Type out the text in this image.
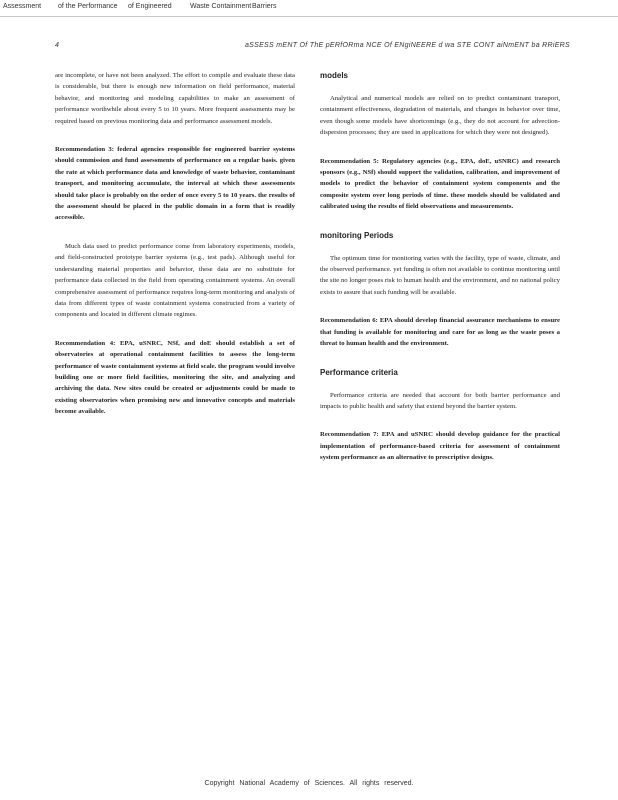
Assessment of the Performance of Engineered	Waste Containment Barriers
4	aSSESS mENT Of ThE pERfORma NCE Of ENgiNEERE d wa STE CONT aiNmENT ba RRiERS

are incomplete, or have not been analyzed. The effort to compile and evaluate these data is considerable, but there is enough new information on field performance, material behavior, and monitoring and modeling capabilities to make an assessment of performance worthwhile about every 5 to 10 years. More frequent assessments may be required based on previous monitoring data and performance assessment models.

Recommendation 3: federal agencies responsible for engineered barrier systems should commission and fund assessments of performance on a regular basis. given the rate at which performance data and knowledge of waste behavior, contaminant transport, and monitoring accumulate, the interval at which these assessments should take place is probably on the order of once every 5 to 10 years. the results of the assessment should be placed in the public domain in a form that is readily accessible.

Much data used to predict performance come from laboratory experiments, models, and field-constructed prototype barrier systems (e.g., test pads). Although useful for understanding material properties and behavior, these data are no substitute for performance data collected in the field from operating containment systems. An overall comprehensive assessment of performance requires long-term monitoring and analysis of data from different types of waste containment systems constructed from a variety of components and located in different climate regimes.

Recommendation 4: EPA, uSNRC, NSf, and doE should establish a set of observatories at operational containment facilities to assess the long-term performance of waste containment systems at field scale. the program would involve building one or more field facilities, monitoring the site, and analyzing and archiving the data. New sites could be created or adjustments could be made to existing observatories when promising new and innovative concepts and materials become available.

models

Analytical and numerical models are relied on to predict contaminant transport, containment effectiveness, degradation of materials, and changes in behavior over time, even though some models have shortcomings (e.g., they do not account for advection-dispersion processes; they are used in applications for which they were not designed).

Recommendation 5: Regulatory agencies (e.g., EPA, doE, uSNRC) and research sponsors (e.g., NSf) should support the validation, calibration, and improvement of models to predict the behavior of containment system components and the composite system over long periods of time. these models should be validated and calibrated using the results of field observations and measurements.

monitoring Periods

The optimum time for monitoring varies with the facility, type of waste, climate, and the observed performance. yet funding is often not available to continue monitoring until the site no longer poses risk to human health and the environment, and no national policy exists to assure that such funding will be available.

Recommendation 6: EPA should develop financial assurance mechanisms to ensure that funding is available for monitoring and care for as long as the waste poses a threat to human health and the environment.

Performance criteria

Performance criteria are needed that account for both barrier performance and impacts to public health and safety that extend beyond the barrier system.

Recommendation 7: EPA and uSNRC should develop guidance for the practical implementation of performance-based criteria for assessment of containment system performance as an alternative to prescriptive designs.

Copyright National Academy of Sciences. All rights reserved.
